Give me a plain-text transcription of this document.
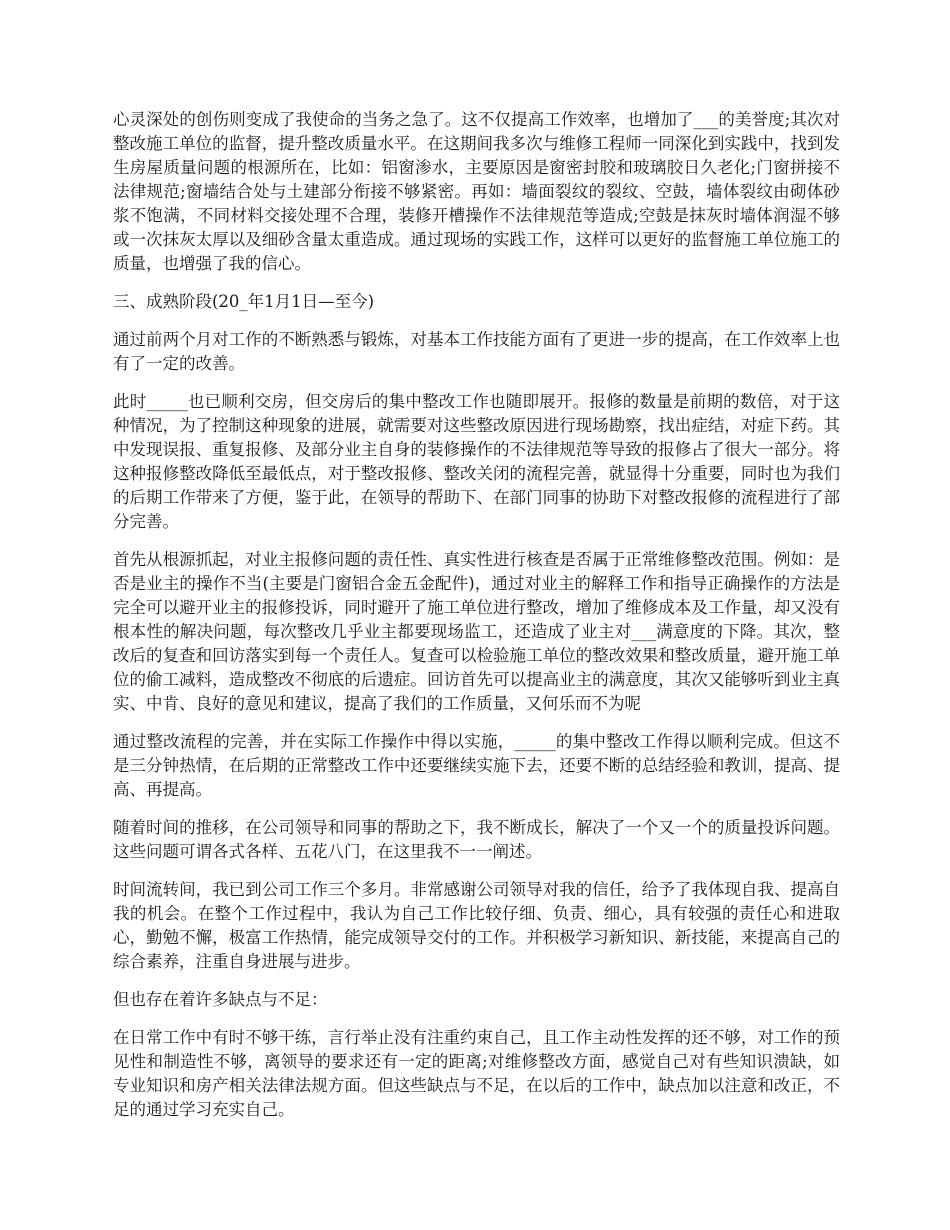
心灵深处的创伤则变成了我使命的当务之急了。这不仅提高工作效率，也增加了___的美誉度;其次对整改施工单位的监督，提升整改质量水平。在这期间我多次与维修工程师一同深化到实践中，找到发生房屋质量问题的根源所在，比如：铝窗渗水，主要原因是窗密封胶和玻璃胶日久老化;门窗拼接不法律规范;窗墙结合处与土建部分衔接不够紧密。再如：墙面裂纹的裂纹、空鼓，墙体裂纹由砌体砂浆不饱满，不同材料交接处理不合理，装修开槽操作不法律规范等造成;空鼓是抹灰时墙体润湿不够或一次抹灰太厚以及细砂含量太重造成。通过现场的实践工作，这样可以更好的监督施工单位施工的质量，也增强了我的信心。

三、成熟阶段(20_年1月1日—至今)

通过前两个月对工作的不断熟悉与锻炼，对基本工作技能方面有了更进一步的提高，在工作效率上也有了一定的改善。

此时_____也已顺利交房，但交房后的集中整改工作也随即展开。报修的数量是前期的数倍，对于这种情况，为了控制这种现象的进展，就需要对这些整改原因进行现场勘察，找出症结，对症下药。其中发现误报、重复报修、及部分业主自身的装修操作的不法律规范等导致的报修占了很大一部分。将这种报修整改降低至最低点，对于整改报修、整改关闭的流程完善，就显得十分重要，同时也为我们的后期工作带来了方便，鉴于此，在领导的帮助下、在部门同事的协助下对整改报修的流程进行了部分完善。

首先从根源抓起，对业主报修问题的责任性、真实性进行核查是否属于正常维修整改范围。例如：是否是业主的操作不当(主要是门窗铝合金五金配件)，通过对业主的解释工作和指导正确操作的方法是完全可以避开业主的报修投诉，同时避开了施工单位进行整改，增加了维修成本及工作量，却又没有根本性的解决问题，每次整改几乎业主都要现场监工，还造成了业主对___满意度的下降。其次，整改后的复查和回访落实到每一个责任人。复查可以检验施工单位的整改效果和整改质量，避开施工单位的偷工减料，造成整改不彻底的后遗症。回访首先可以提高业主的满意度，其次又能够听到业主真实、中肯、良好的意见和建议，提高了我们的工作质量，又何乐而不为呢

通过整改流程的完善，并在实际工作操作中得以实施，_____的集中整改工作得以顺利完成。但这不是三分钟热情，在后期的正常整改工作中还要继续实施下去，还要不断的总结经验和教训，提高、提高、再提高。

随着时间的推移，在公司领导和同事的帮助之下，我不断成长，解决了一个又一个的质量投诉问题。这些问题可谓各式各样、五花八门，在这里我不一一阐述。

时间流转间，我已到公司工作三个多月。非常感谢公司领导对我的信任，给予了我体现自我、提高自我的机会。在整个工作过程中，我认为自己工作比较仔细、负责、细心，具有较强的责任心和进取心，勤勉不懈，极富工作热情，能完成领导交付的工作。并积极学习新知识、新技能，来提高自己的综合素养，注重自身进展与进步。

但也存在着许多缺点与不足：

在日常工作中有时不够干练，言行举止没有注重约束自己，且工作主动性发挥的还不够，对工作的预见性和制造性不够，离领导的要求还有一定的距离;对维修整改方面，感觉自己对有些知识溃缺，如专业知识和房产相关法律法规方面。但这些缺点与不足，在以后的工作中，缺点加以注意和改正，不足的通过学习充实自己。
